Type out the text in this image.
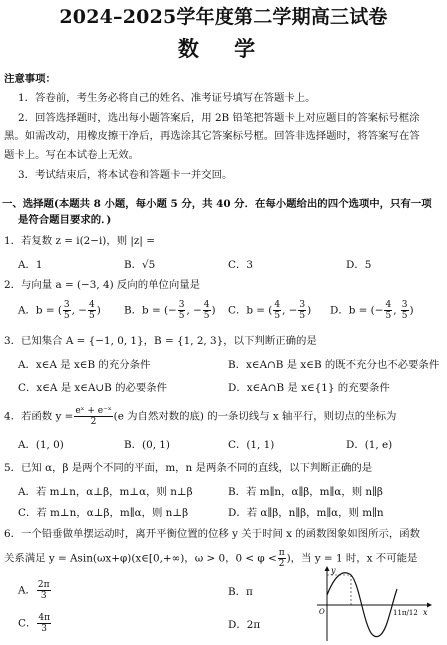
2024–2025学年度第二学期高三试卷
数 学
注意事项：
1．答卷前，考生务必将自己的姓名、准考证号填写在答题卡上。
2．回答选择题时，选出每小题答案后，用 2B 铅笔把答题卡上对应题目的答案标号框涂
黑。如需改动，用橡皮擦干净后，再选涂其它答案标号框。回答非选择题时，将答案写在答
题卡上。写在本试卷上无效。
3．考试结束后，将本试卷和答题卡一并交回。
一、选择题(本题共 8 小题，每小题 5 分，共 40 分．在每小题给出的四个选项中，只有一项
是符合题目要求的．)
1．若复数 z = i(2−i)，则 |z| =
A．1	B．√5	C．3	D．5
2．与向量 a = (−3, 4) 反向的单位向量是
A．b = ( $\frac{3}{5}$ , − $\frac{4}{5}$ ) B．b = (− $\frac{3}{5}$ , − $\frac{4}{5}$ ) C．b = ( $\frac{4}{5}$ , − $\frac{3}{5}$ ) D．b = (− $\frac{4}{5}$ , $\frac{3}{5}$ )
3．已知集合 A = {−1, 0, 1}，B = {1, 2, 3}，以下判断正确的是
A．x∈A 是 x∈B 的充分条件	B．x∈A∩B 是 x∈B 的既不充分也不必要条件
C．x∈A 是 x∈A∪B 的必要条件	D．x∈A∩B 是 x∈{1} 的充要条件
4．若函数 $y = \frac{\text{eˣ + e⁻ˣ}}{2} (e$ 为自然对数的底) 的一条切线与 x 轴平行，则切点的坐标为
A．(1, 0)	B．(0, 1)	C．(1, 1)	D．(1, e)
5．已知 α，β 是两个不同的平面，m，n 是两条不同的直线，以下判断正确的是
A．若 m⊥n，α⊥β，m⊥α，则 n⊥β	B．若 m∥n，α∥β，m∥α，则 n∥β
C．若 m⊥n，α⊥β，m∥α，则 n⊥β	D．若 α∥β，n∥β，m∥α，则 m∥n
6．一个铅垂做单摆运动时，离开平衡位置的位移 y 关于时间 x 的函数图象如图所示，函数
关系满足 y = Asin(ωx+φ)(x∈[0,+∞)，ω > 0，$0 < \varphi < \frac{\pi}{2}$ )，当 y = 1 时，x 不可能是
A． $\frac{2\pi}{3}$	B．π
C． $\frac{4\pi}{3}$	D．2π
11π/12 x
y
O
